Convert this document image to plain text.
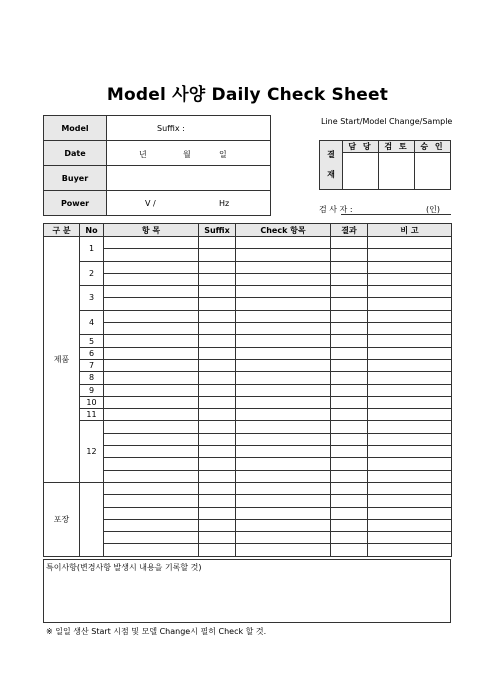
Model 사양 Daily Check Sheet
Model	Suffix :

Date	년 월 일

Buyer	
Power	V / Hz
Line Start/Model Change/Sample
결
재	담 당	검 토	승 인

검 사 자 :	(인)
구 분	No	항 목	Suffix	Check 항목	결과	비 고
제품	1					

	2					

	3					

	4					

	5					
	6					
	7					
	8					
	9					
	10					
	11					
	12					

포장						

특이사항(변경사항 발생시 내용을 기록할 것)
※ 일일 생산 Start 시점 및 모델 Change시 필히 Check 할 것.
